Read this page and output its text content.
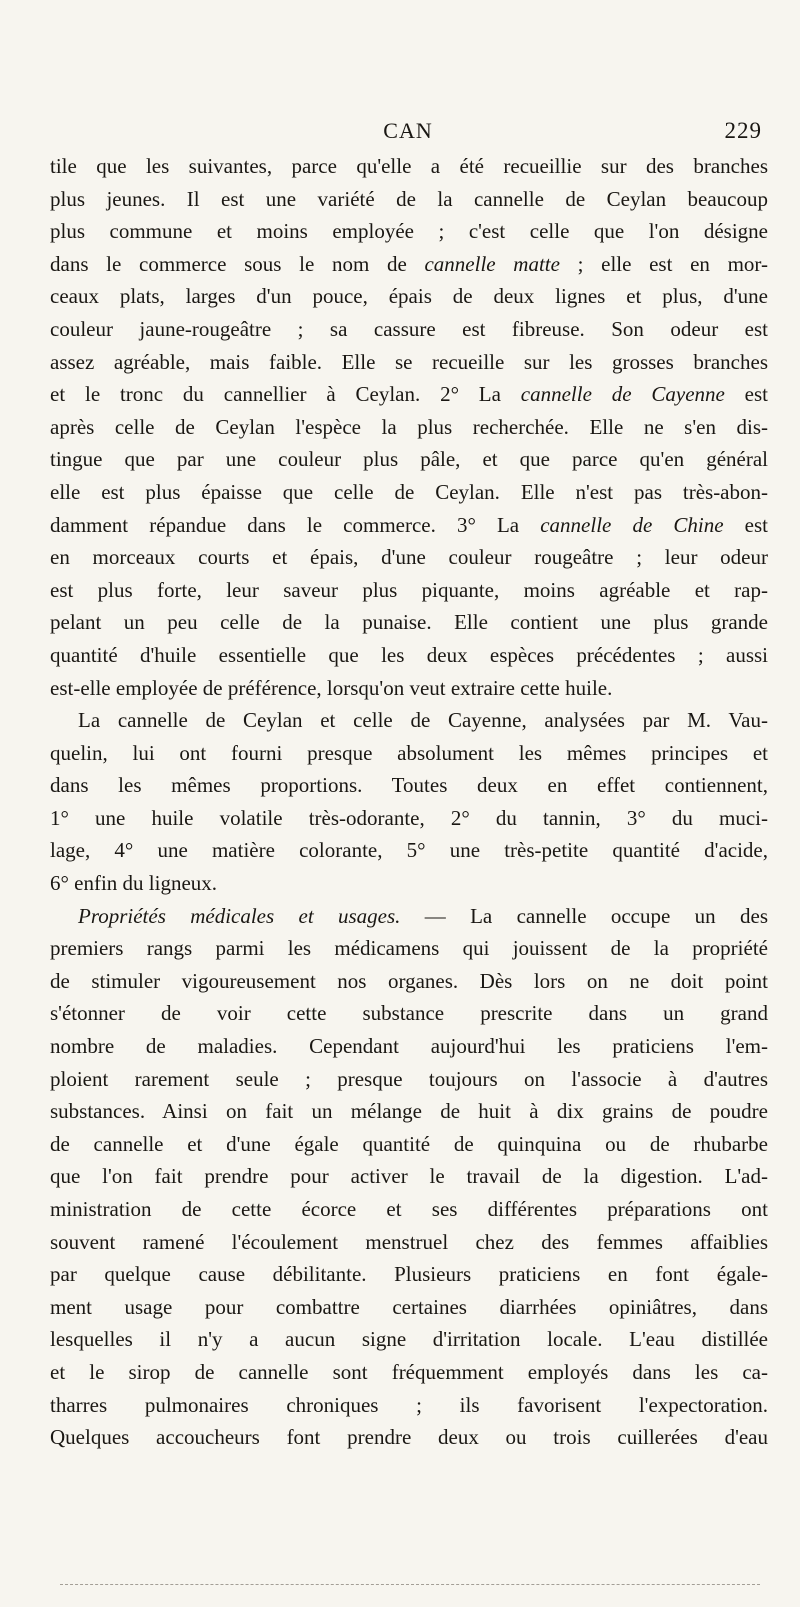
CAN	229
tile que les suivantes, parce qu'elle a été recueillie sur des branches
plus jeunes. Il est une variété de la cannelle de Ceylan beaucoup
plus commune et moins employée ; c'est celle que l'on désigne
dans le commerce sous le nom de cannelle matte ; elle est en mor-
ceaux plats, larges d'un pouce, épais de deux lignes et plus, d'une
couleur jaune-rougeâtre ; sa cassure est fibreuse. Son odeur est
assez agréable, mais faible. Elle se recueille sur les grosses branches
et le tronc du cannellier à Ceylan. 2° La cannelle de Cayenne est
après celle de Ceylan l'espèce la plus recherchée. Elle ne s'en dis-
tingue que par une couleur plus pâle, et que parce qu'en général
elle est plus épaisse que celle de Ceylan. Elle n'est pas très-abon-
damment répandue dans le commerce. 3° La cannelle de Chine est
en morceaux courts et épais, d'une couleur rougeâtre ; leur odeur
est plus forte, leur saveur plus piquante, moins agréable et rap-
pelant un peu celle de la punaise. Elle contient une plus grande
quantité d'huile essentielle que les deux espèces précédentes ; aussi
est-elle employée de préférence, lorsqu'on veut extraire cette huile.
La cannelle de Ceylan et celle de Cayenne, analysées par M. Vau-
quelin, lui ont fourni presque absolument les mêmes principes et
dans les mêmes proportions. Toutes deux en effet contiennent,
1° une huile volatile très-odorante, 2° du tannin, 3° du muci-
lage, 4° une matière colorante, 5° une très-petite quantité d'acide,
6° enfin du ligneux.
Propriétés médicales et usages. — La cannelle occupe un des
premiers rangs parmi les médicamens qui jouissent de la propriété
de stimuler vigoureusement nos organes. Dès lors on ne doit point
s'étonner de voir cette substance prescrite dans un grand
nombre de maladies. Cependant aujourd'hui les praticiens l'em-
ploient rarement seule ; presque toujours on l'associe à d'autres
substances. Ainsi on fait un mélange de huit à dix grains de poudre
de cannelle et d'une égale quantité de quinquina ou de rhubarbe
que l'on fait prendre pour activer le travail de la digestion. L'ad-
ministration de cette écorce et ses différentes préparations ont
souvent ramené l'écoulement menstruel chez des femmes affaiblies
par quelque cause débilitante. Plusieurs praticiens en font égale-
ment usage pour combattre certaines diarrhées opiniâtres, dans
lesquelles il n'y a aucun signe d'irritation locale. L'eau distillée
et le sirop de cannelle sont fréquemment employés dans les ca-
tharres pulmonaires chroniques ; ils favorisent l'expectoration.
Quelques accoucheurs font prendre deux ou trois cuillerées d'eau
